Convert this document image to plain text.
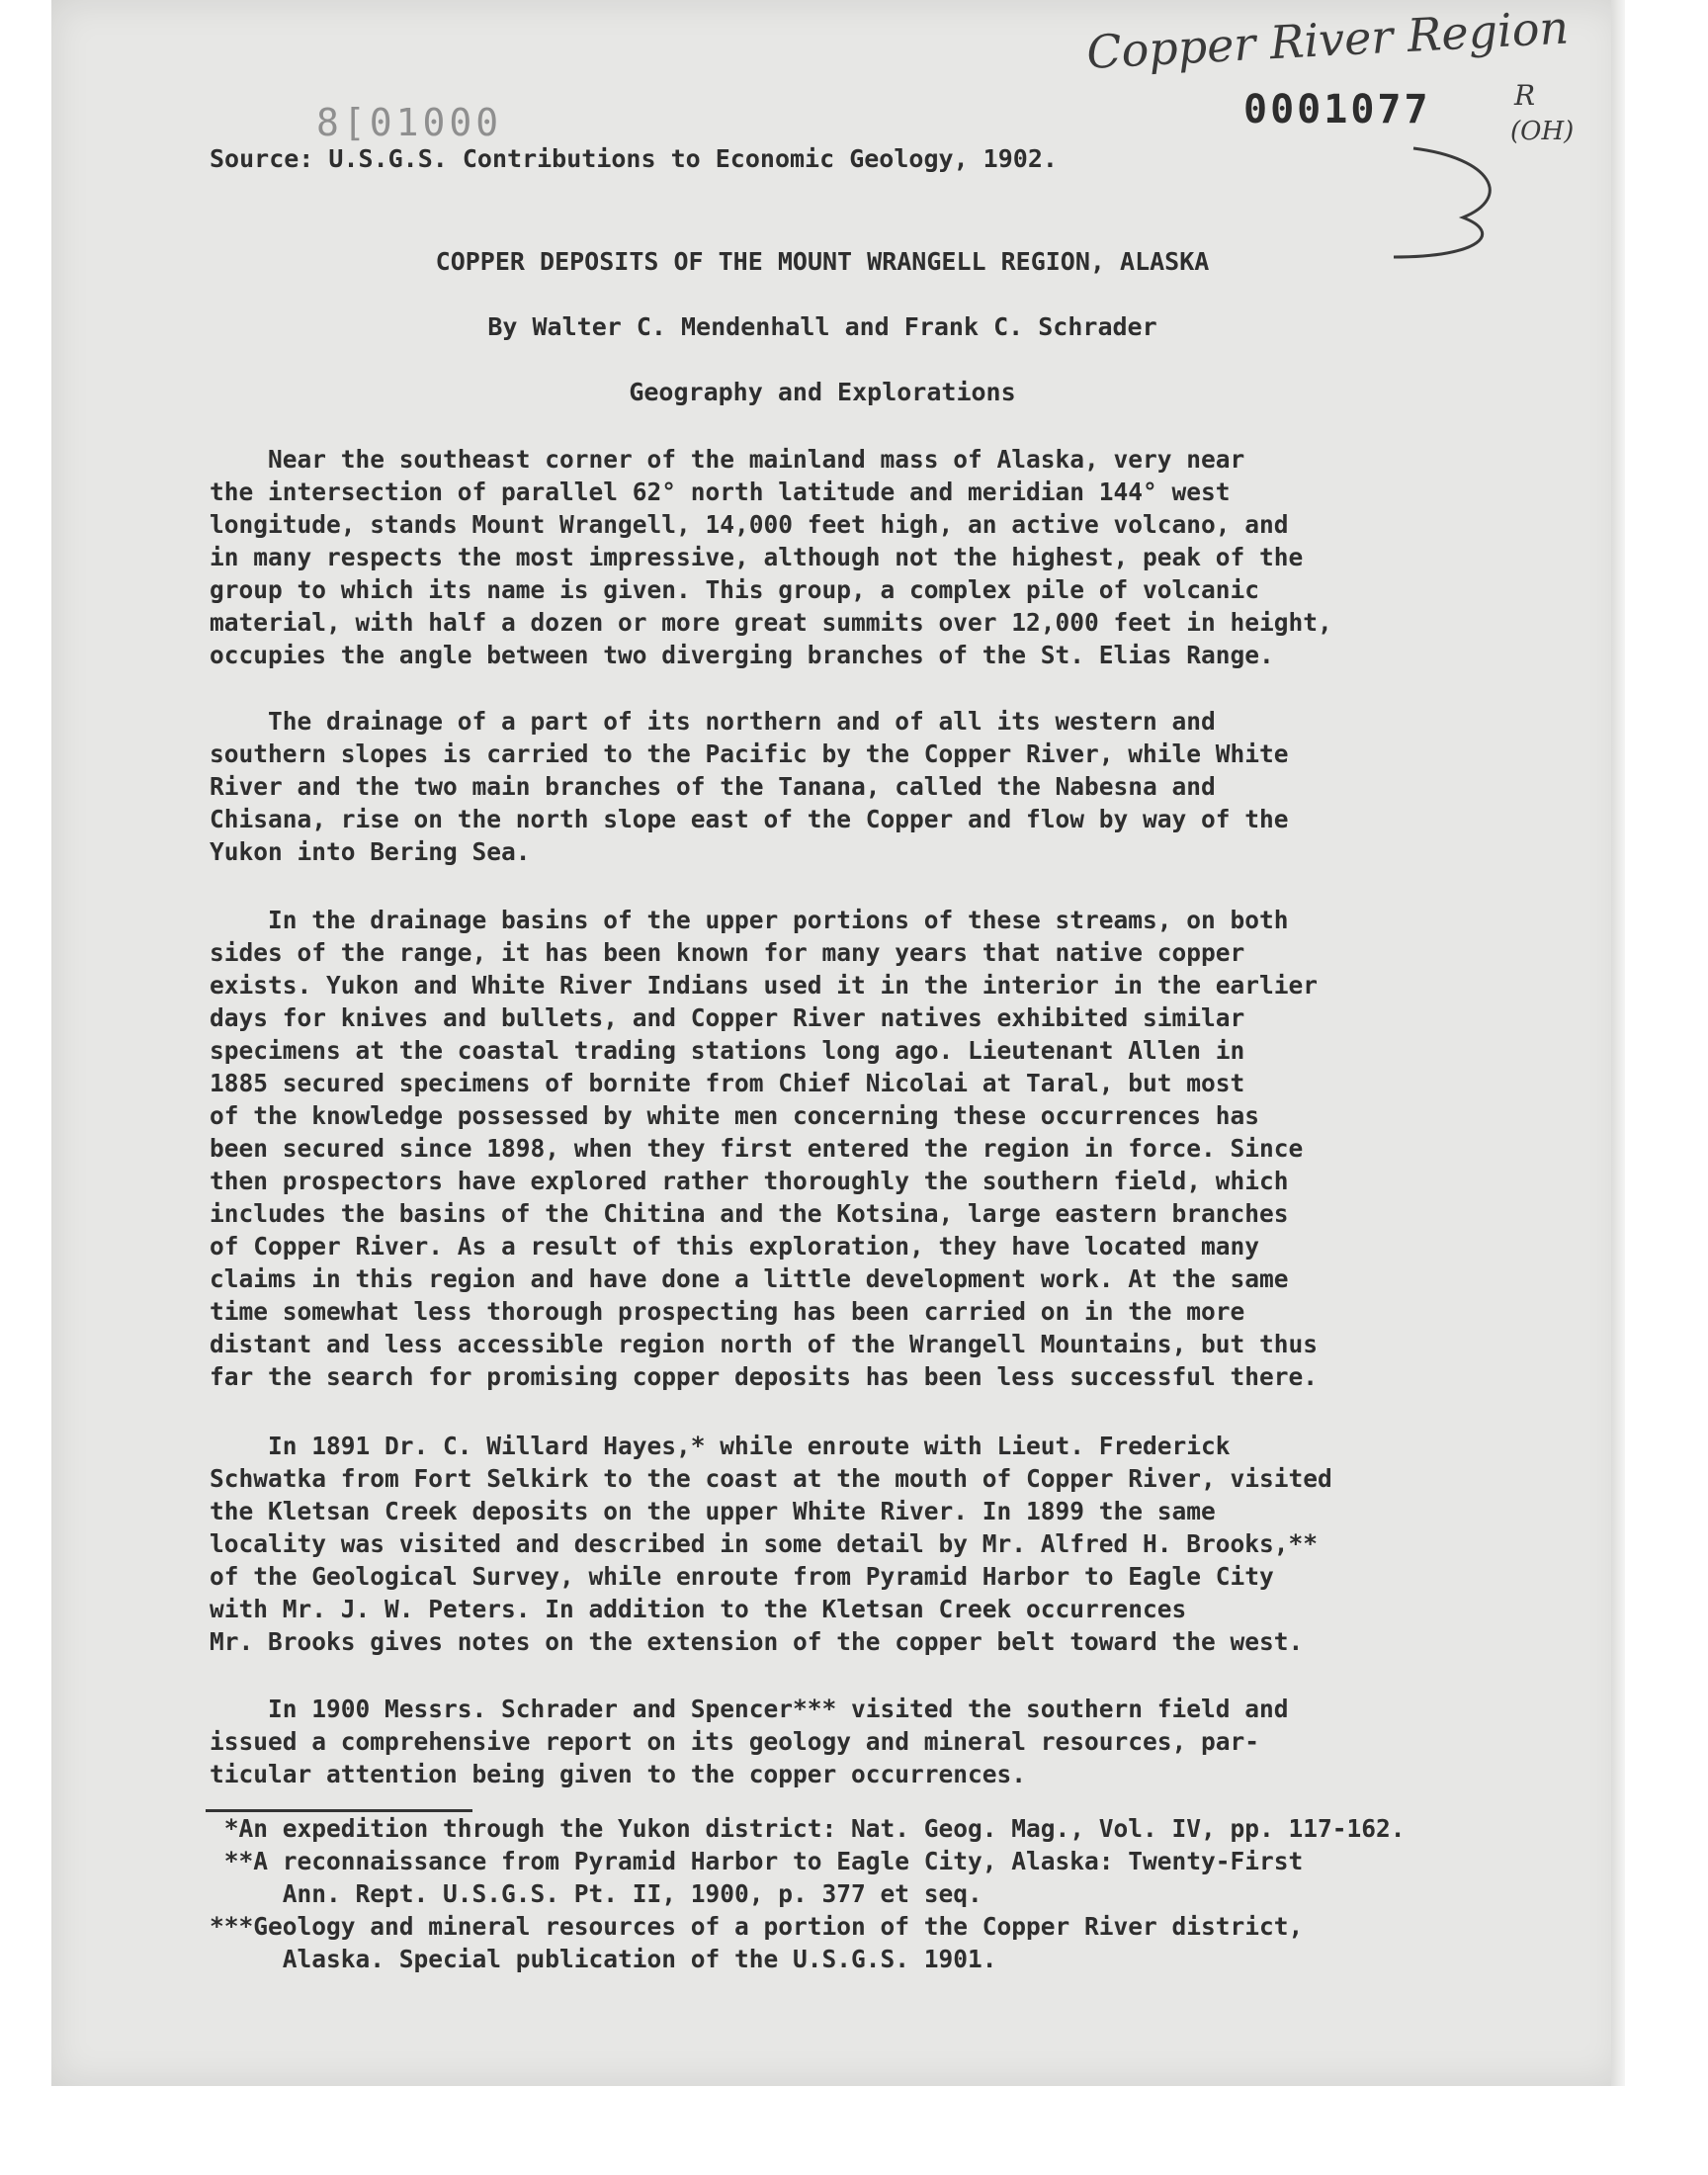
Copper River Region
8[01000	0001077	R
(OH)
Source: U.S.G.S. Contributions to Economic Geology, 1902.
COPPER DEPOSITS OF THE MOUNT WRANGELL REGION, ALASKA
By Walter C. Mendenhall and Frank C. Schrader
Geography and Explorations
Near the southeast corner of the mainland mass of Alaska, very near
the intersection of parallel 62° north latitude and meridian 144° west
longitude, stands Mount Wrangell, 14,000 feet high, an active volcano, and
in many respects the most impressive, although not the highest, peak of the
group to which its name is given. This group, a complex pile of volcanic
material, with half a dozen or more great summits over 12,000 feet in height,
occupies the angle between two diverging branches of the St. Elias Range.
The drainage of a part of its northern and of all its western and
southern slopes is carried to the Pacific by the Copper River, while White
River and the two main branches of the Tanana, called the Nabesna and
Chisana, rise on the north slope east of the Copper and flow by way of the
Yukon into Bering Sea.
In the drainage basins of the upper portions of these streams, on both
sides of the range, it has been known for many years that native copper
exists. Yukon and White River Indians used it in the interior in the earlier
days for knives and bullets, and Copper River natives exhibited similar
specimens at the coastal trading stations long ago. Lieutenant Allen in
1885 secured specimens of bornite from Chief Nicolai at Taral, but most
of the knowledge possessed by white men concerning these occurrences has
been secured since 1898, when they first entered the region in force. Since
then prospectors have explored rather thoroughly the southern field, which
includes the basins of the Chitina and the Kotsina, large eastern branches
of Copper River. As a result of this exploration, they have located many
claims in this region and have done a little development work. At the same
time somewhat less thorough prospecting has been carried on in the more
distant and less accessible region north of the Wrangell Mountains, but thus
far the search for promising copper deposits has been less successful there.
In 1891 Dr. C. Willard Hayes,* while enroute with Lieut. Frederick
Schwatka from Fort Selkirk to the coast at the mouth of Copper River, visited
the Kletsan Creek deposits on the upper White River. In 1899 the same
locality was visited and described in some detail by Mr. Alfred H. Brooks,**
of the Geological Survey, while enroute from Pyramid Harbor to Eagle City
with Mr. J. W. Peters. In addition to the Kletsan Creek occurrences
Mr. Brooks gives notes on the extension of the copper belt toward the west.
In 1900 Messrs. Schrader and Spencer*** visited the southern field and
issued a comprehensive report on its geology and mineral resources, par-
ticular attention being given to the copper occurrences.
*An expedition through the Yukon district: Nat. Geog. Mag., Vol. IV, pp. 117-162.
**A reconnaissance from Pyramid Harbor to Eagle City, Alaska: Twenty-First
Ann. Rept. U.S.G.S. Pt. II, 1900, p. 377 et seq.
***Geology and mineral resources of a portion of the Copper River district,
Alaska. Special publication of the U.S.G.S. 1901.
